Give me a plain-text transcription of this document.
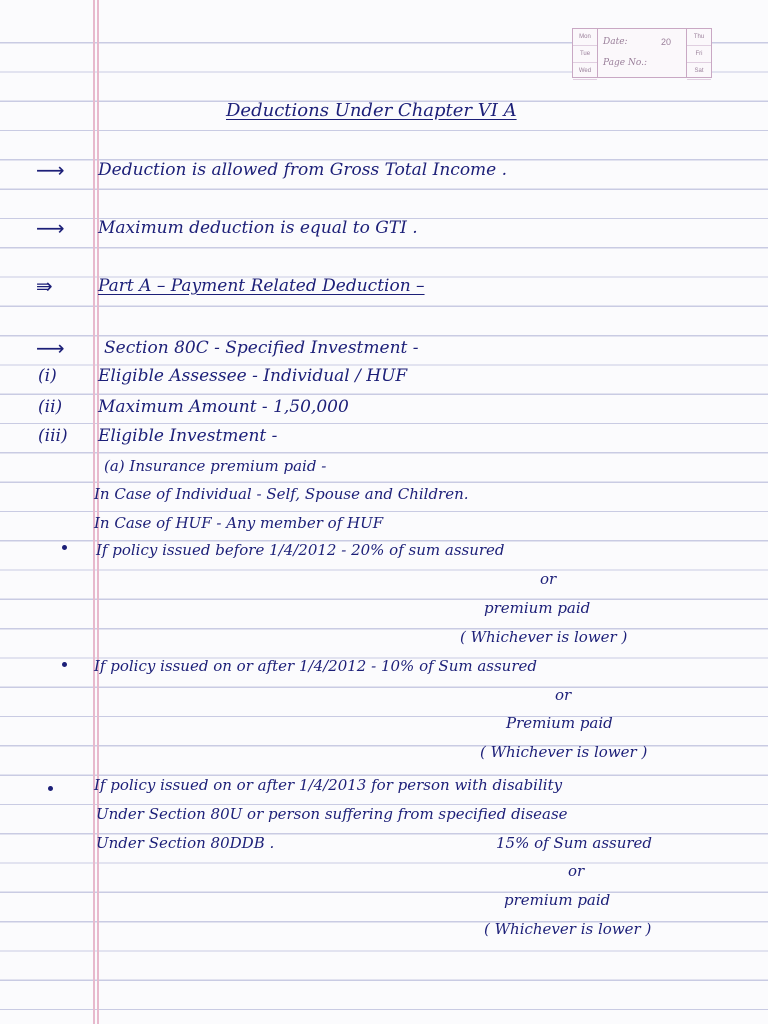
Mon
Tue
Wed
Date:	20
Page No.:
Thu
Fri
Sat
Deductions Under Chapter VI A
⟶ Deduction is allowed from Gross Total Income .
⟶ Maximum deduction is equal to GTI .
⇛	Part A – Payment Related Deduction –
⟶ Section 80C - Specified Investment -
(i) Eligible Assessee - Individual / HUF
(ii) Maximum Amount - 1,50,000
(iii) Eligible Investment -
(a) Insurance premium paid -
In Case of Individual - Self, Spouse and Children.
In Case of HUF - Any member of HUF
If policy issued before 1/4/2012 - 20% of sum assured
or
premium paid
( Whichever is lower )
If policy issued on or after 1/4/2012 - 10% of Sum assured
or
Premium paid
( Whichever is lower )
If policy issued on or after 1/4/2013 for person with disability
Under Section 80U or person suffering from specified disease
Under Section 80DDB .	15% of Sum assured
or
premium paid
( Whichever is lower )
